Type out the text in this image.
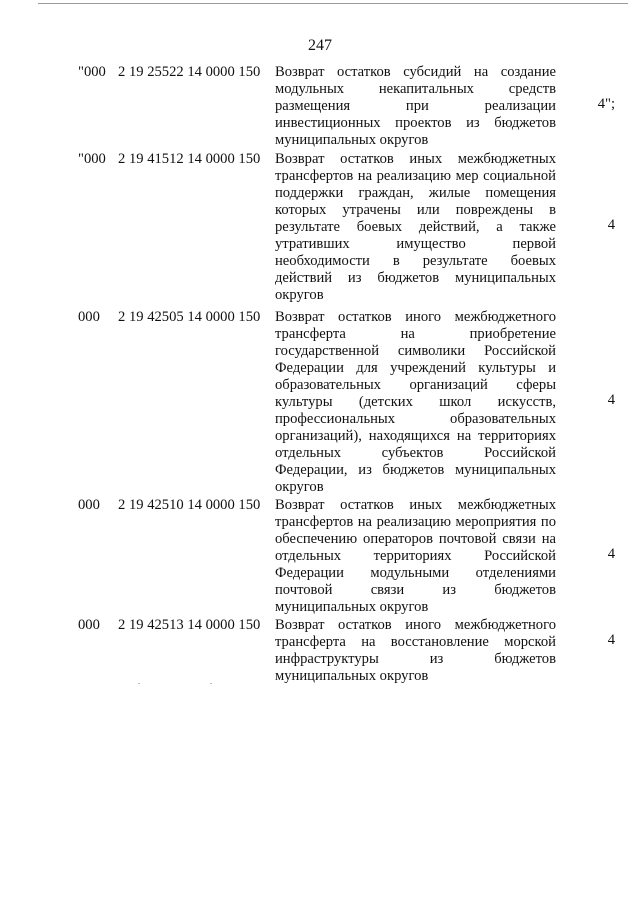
247
"000 2 19 25522 14 0000 150 Возврат остатков субсидий на создание
модульных некапитальных средств
размещения при реализации
инвестиционных проектов из бюджетов
муниципальных округов
4";
"000 2 19 41512 14 0000 150 Возврат остатков иных межбюджетных
трансфертов на реализацию мер социальной
поддержки граждан, жилые помещения
которых утрачены или повреждены в
результате боевых действий, а также
утративших имущество первой
необходимости в результате боевых
действий из бюджетов муниципальных
округов
4
000 2 19 42505 14 0000 150 Возврат остатков иного межбюджетного
трансферта на приобретение
государственной символики Российской
Федерации для учреждений культуры и
образовательных организаций сферы
культуры (детских школ искусств,
профессиональных образовательных
организаций), находящихся на территориях
отдельных субъектов Российской
Федерации, из бюджетов муниципальных
округов
4
000 2 19 42510 14 0000 150 Возврат остатков иных межбюджетных
трансфертов на реализацию мероприятия по
обеспечению операторов почтовой связи на
отдельных территориях Российской
Федерации модульными отделениями
почтовой связи из бюджетов
муниципальных округов
4
000 2 19 42513 14 0000 150 Возврат остатков иного межбюджетного
трансферта на восстановление морской
инфраструктуры из бюджетов
муниципальных округов
4
